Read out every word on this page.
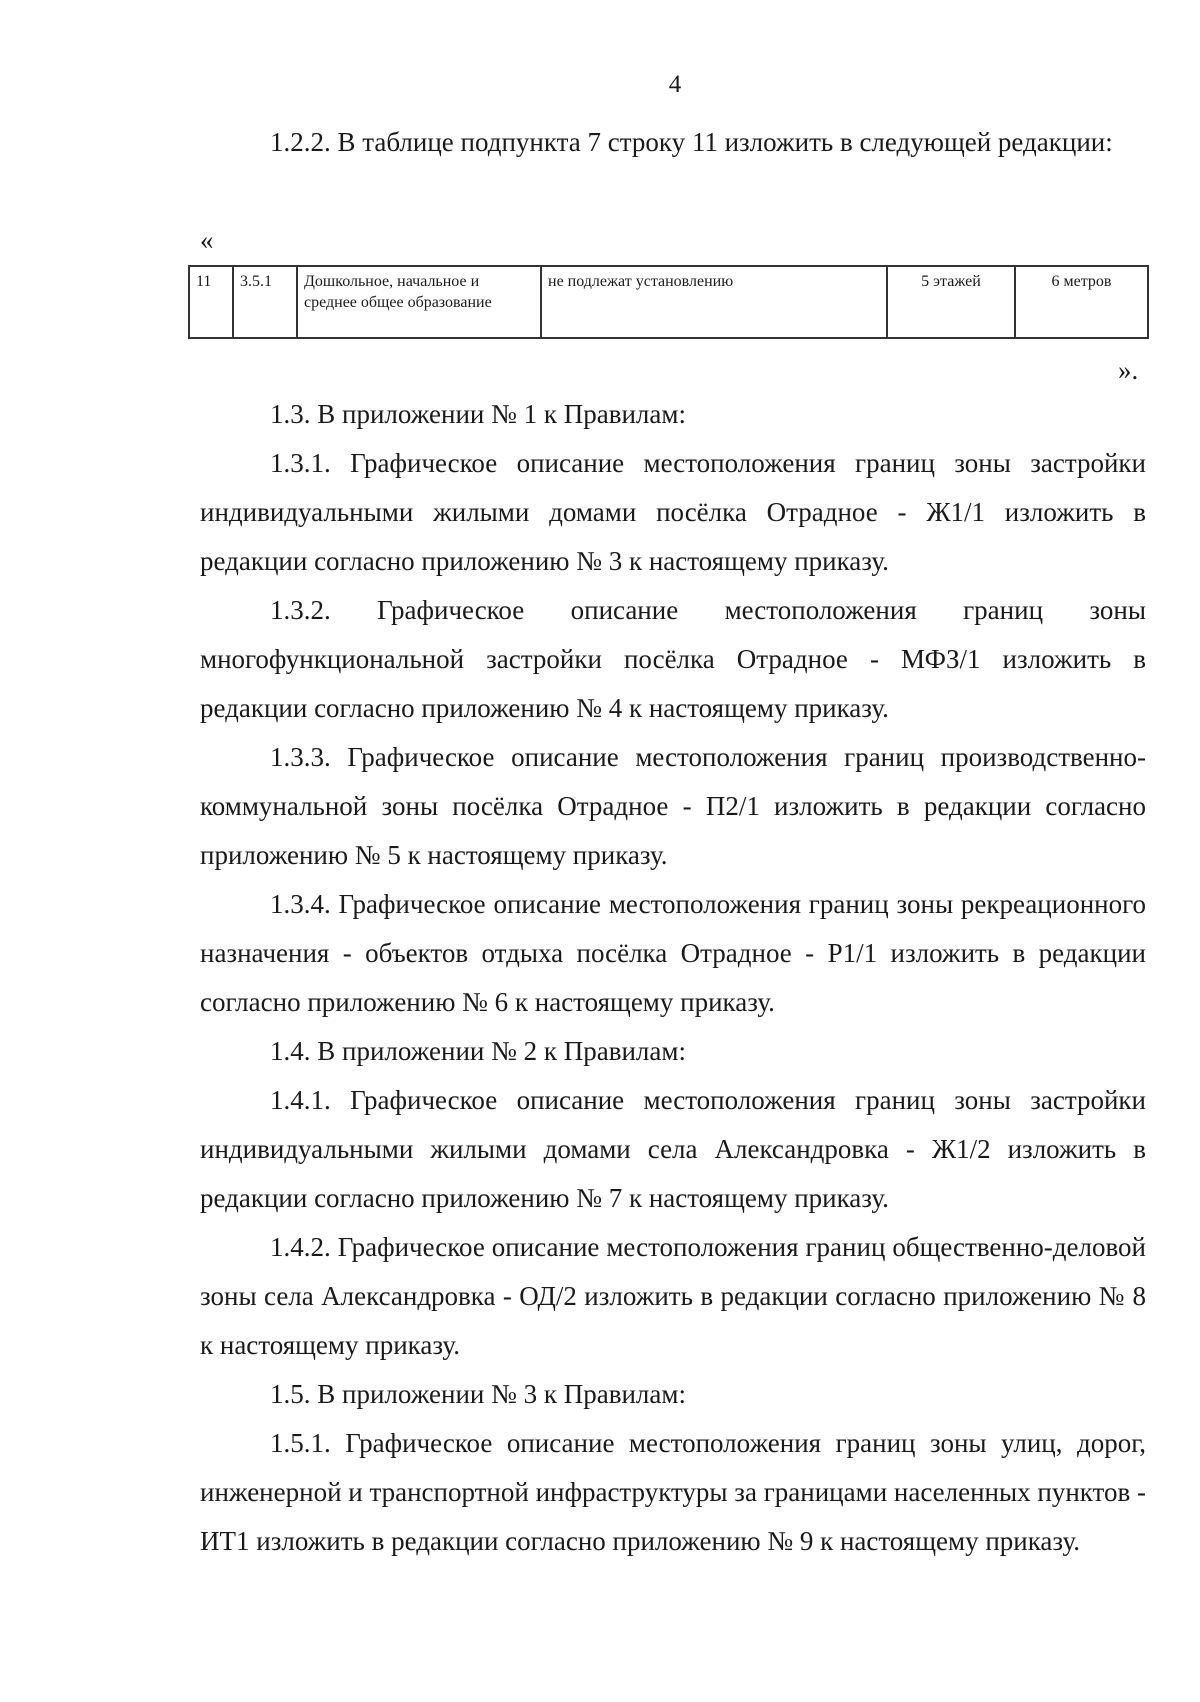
4

1.2.2. В таблице подпункта 7 строку 11 изложить в следующей редакции:

«
11	3.5.1	Дошкольное, начальное и среднее общее образование	не подлежат установлению	5 этажей	6 метров
».

1.3. В приложении № 1 к Правилам:

1.3.1. Графическое описание местоположения границ зоны застройки индивидуальными жилыми домами посёлка Отрадное - Ж1/1 изложить в редакции согласно приложению № 3 к настоящему приказу.

1.3.2. Графическое описание местоположения границ зоны многофункциональной застройки посёлка Отрадное - МФЗ/1 изложить в редакции согласно приложению № 4 к настоящему приказу.

1.3.3. Графическое описание местоположения границ производственно-коммунальной зоны посёлка Отрадное - П2/1 изложить в редакции согласно приложению № 5 к настоящему приказу.

1.3.4. Графическое описание местоположения границ зоны рекреационного назначения - объектов отдыха посёлка Отрадное - Р1/1 изложить в редакции согласно приложению № 6 к настоящему приказу.

1.4. В приложении № 2 к Правилам:

1.4.1. Графическое описание местоположения границ зоны застройки индивидуальными жилыми домами села Александровка - Ж1/2 изложить в редакции согласно приложению № 7 к настоящему приказу.

1.4.2. Графическое описание местоположения границ общественно-деловой зоны села Александровка - ОД/2 изложить в редакции согласно приложению № 8 к настоящему приказу.

1.5. В приложении № 3 к Правилам:

1.5.1. Графическое описание местоположения границ зоны улиц, дорог, инженерной и транспортной инфраструктуры за границами населенных пунктов - ИТ1 изложить в редакции согласно приложению № 9 к настоящему приказу.
